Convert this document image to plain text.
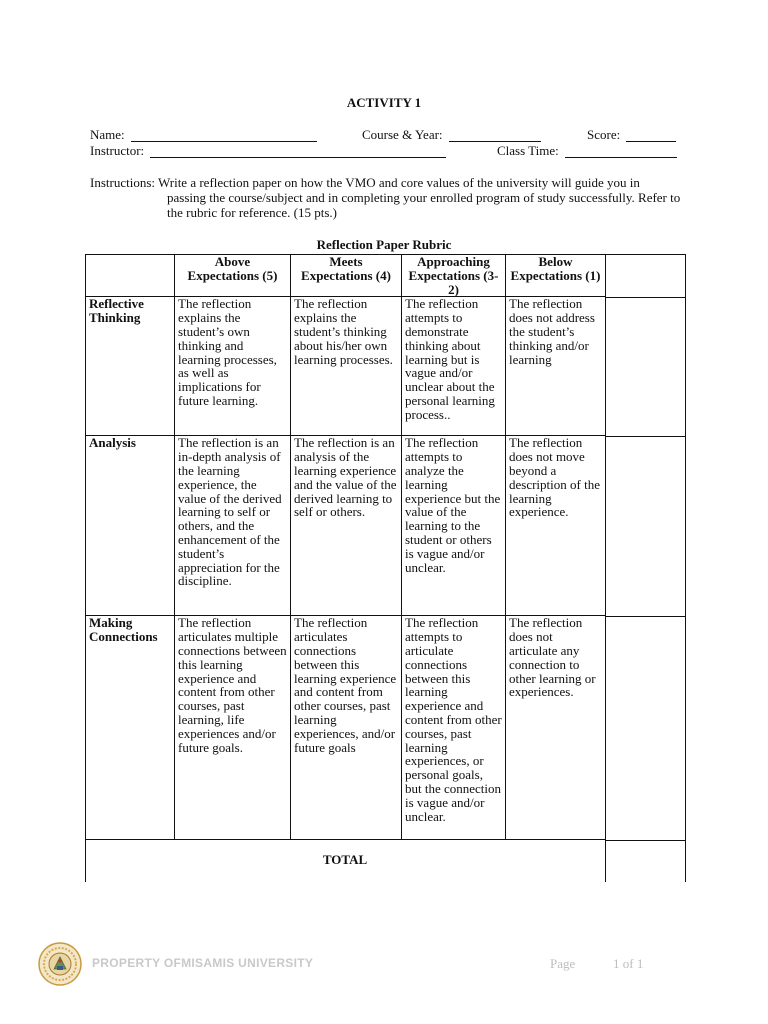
ACTIVITY 1
Name:	Course & Year:	Score:
Instructor:	Class Time:
Instructions: Write a reflection paper on how the VMO and core values of the university will guide you in
passing the course/subject and in completing your enrolled program of study successfully. Refer to the rubric for reference. (15 pts.)
Reflection Paper Rubric
	Above Expectations (5)	Meets Expectations (4)	Approaching Expectations (3-2)	Below Expectations (1)
Reflective Thinking	The reflection explains the student’s own thinking and learning processes, as well as implications for future learning.	The reflection explains the student’s thinking about his/her own learning processes.	The reflection attempts to demonstrate thinking about learning but is vague and/or unclear about the personal learning process..	The reflection does not address the student’s thinking and/or learning
Analysis	The reflection is an in-depth analysis of the learning experience, the value of the derived learning to self or others, and the enhancement of the student’s appreciation for the discipline.	The reflection is an analysis of the learning experience and the value of the derived learning to self or others.	The reflection attempts to analyze the learning experience but the value of the learning to the student or others is vague and/or unclear.	The reflection does not move beyond a description of the learning experience.
Making Connections	The reflection articulates multiple connections between this learning experience and content from other courses, past learning, life experiences and/or future goals.	The reflection articulates connections between this learning experience and content from other courses, past learning experiences, and/or future goals	The reflection attempts to articulate connections between this learning experience and content from other courses, past learning experiences, or personal goals, but the connection is vague and/or unclear.	The reflection does not articulate any connection to other learning or experiences.

TOTAL
PROPERTY OFMISAMIS UNIVERSITY	Page	1 of 1
